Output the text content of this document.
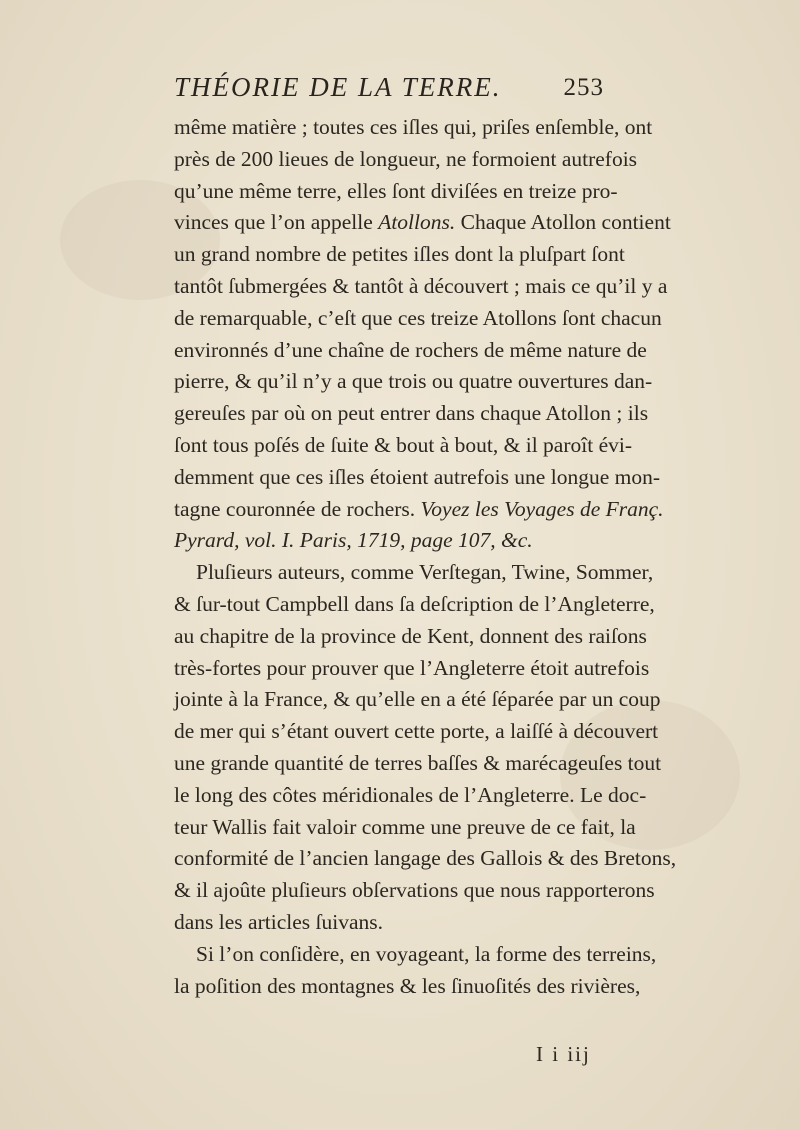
THÉORIE DE LA TERRE. 253
même matière ; toutes ces iſles qui, priſes enſemble, ont
près de 200 lieues de longueur, ne formoient autrefois
qu’une même terre, elles ſont diviſées en treize pro-
vinces que l’on appelle Atollons. Chaque Atollon contient
un grand nombre de petites iſles dont la pluſpart ſont
tantôt ſubmergées & tantôt à découvert ; mais ce qu’il y a
de remarquable, c’eſt que ces treize Atollons ſont chacun
environnés d’une chaîne de rochers de même nature de
pierre, & qu’il n’y a que trois ou quatre ouvertures dan-
gereuſes par où on peut entrer dans chaque Atollon ; ils
ſont tous poſés de ſuite & bout à bout, & il paroît évi-
demment que ces iſles étoient autrefois une longue mon-
tagne couronnée de rochers. Voyez les Voyages de Franç.
Pyrard, vol. I. Paris, 1719, page 107, &c.
Pluſieurs auteurs, comme Verſtegan, Twine, Sommer,
& ſur-tout Campbell dans ſa deſcription de l’Angleterre,
au chapitre de la province de Kent, donnent des raiſons
très-fortes pour prouver que l’Angleterre étoit autrefois
jointe à la France, & qu’elle en a été ſéparée par un coup
de mer qui s’étant ouvert cette porte, a laiſſé à découvert
une grande quantité de terres baſſes & marécageuſes tout
le long des côtes méridionales de l’Angleterre. Le doc-
teur Wallis fait valoir comme une preuve de ce fait, la
conformité de l’ancien langage des Gallois & des Bretons,
& il ajoûte pluſieurs obſervations que nous rapporterons
dans les articles ſuivans.
Si l’on conſidère, en voyageant, la forme des terreins,
la poſition des montagnes & les ſinuoſités des rivières,
I i iij
